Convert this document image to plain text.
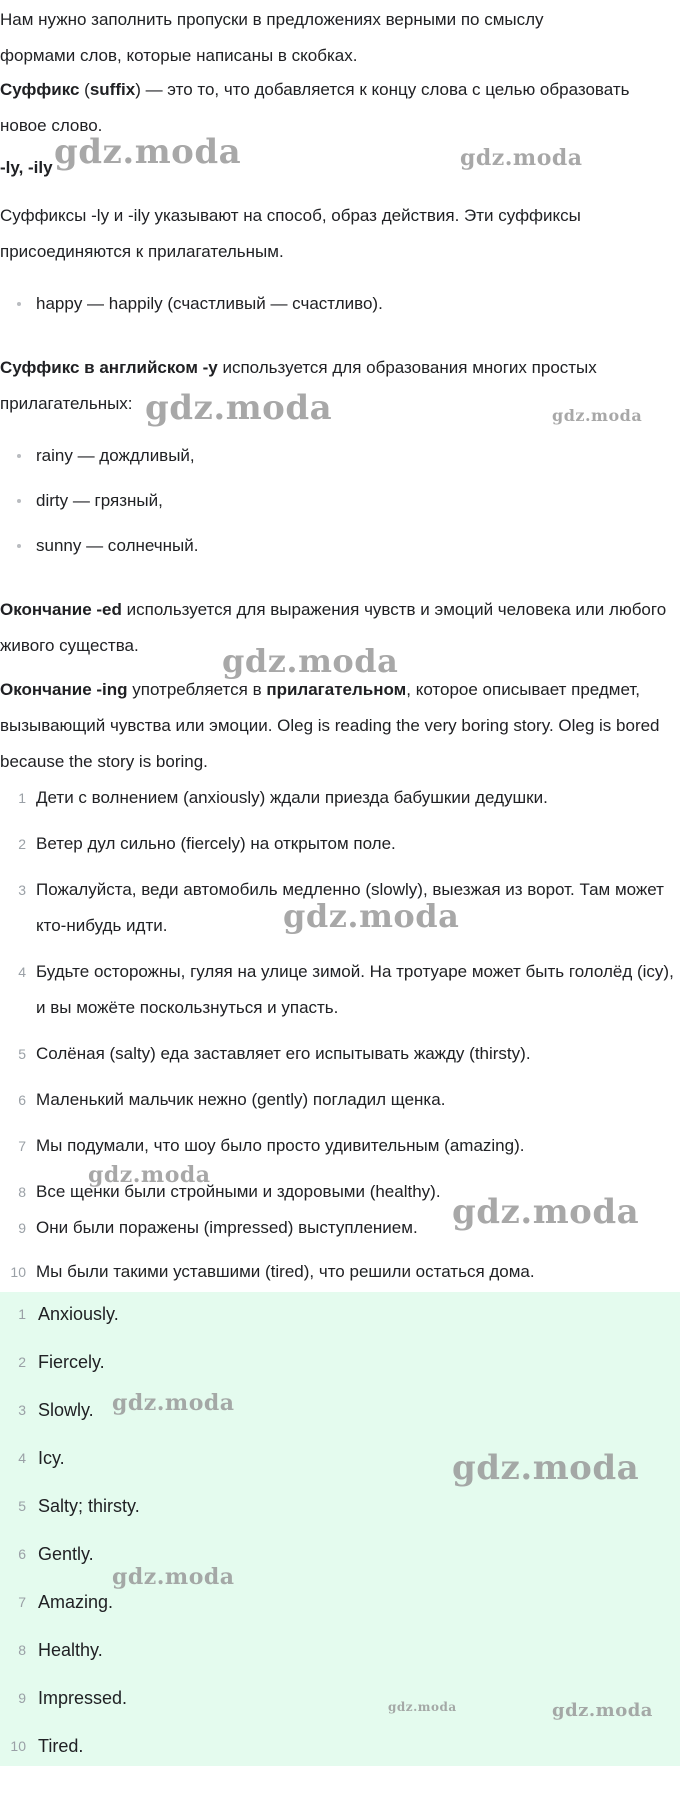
Нам нужно заполнить пропуски в предложениях верными по смыслу
формами слов, которые написаны в скобках.
Суффикс (suffix) — это то, что добавляется к концу слова с целью образовать новое слово.
-ly, -ily
Суффиксы -ly и -ily указывают на способ, образ действия. Эти суффиксы присоединяются к прилагательным.
happy — happily (счастливый — счастливо).
Суффикс в английском -y используется для образования многих простых прилагательных:
rainy — дождливый,
dirty — грязный,
sunny — солнечный.
Окончание -ed используется для выражения чувств и эмоций человека или любого живого существа.
Окончание -ing употребляется в прилагательном, которое описывает предмет, вызывающий чувства или эмоции. Oleg is reading the very boring story. Oleg is bored because the story is boring.
1 Дети с волнением (anxiously) ждали приезда бабушкии дедушки.
2 Ветер дул сильно (fiercely) на открытом поле.
3 Пожалуйста, веди автомобиль медленно (slowly), выезжая из ворот. Там может кто-нибудь идти.
4 Будьте осторожны, гуляя на улице зимой. На тротуаре может быть гололёд (icy), и вы можёте поскользнуться и упасть.
5 Солёная (salty) еда заставляет его испытывать жажду (thirsty).
6 Маленький мальчик нежно (gently) погладил щенка.
7 Мы подумали, что шоу было просто удивительным (amazing).
8 Все щенки были стройными и здоровыми (healthy).
9 Они были поражены (impressed) выступлением.
10 Мы были такими уставшими (tired), что решили остаться дома.
1 Anxiously.
2 Fiercely.
3 Slowly.
4 Icy.
5 Salty; thirsty.
6 Gently.
7 Amazing.
8 Healthy.
9 Impressed.
10 Tired.
gdz.moda	gdz.moda
gdz.moda	gdz.moda
gdz.moda
gdz.moda
gdz.moda
gdz.moda
gdz.moda
gdz.moda
gdz.moda
gdz.moda	gdz.moda
